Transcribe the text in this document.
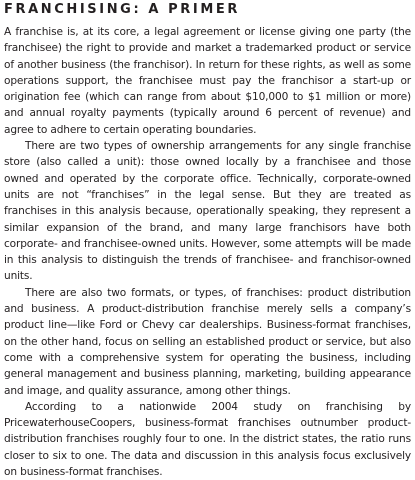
FRANCHISING: A PRIMER

A franchise is, at its core, a legal agreement or license giving one party (the franchisee) the right to provide and market a trademarked product or service of another business (the franchisor). In return for these rights, as well as some operations support, the franchisee must pay the franchisor a start-up or origination fee (which can range from about $10,000 to $1 million or more) and annual royalty payments (typically around 6 percent of revenue) and agree to adhere to certain operating boundaries.

There are two types of ownership arrangements for any single franchise store (also called a unit): those owned locally by a franchisee and those owned and operated by the corporate office. Technically, corporate-owned units are not “franchises” in the legal sense. But they are treated as franchises in this analysis because, operationally speaking, they represent a similar expansion of the brand, and many large franchisors have both corporate- and franchisee-owned units. However, some attempts will be made in this analysis to distinguish the trends of franchisee- and franchisor-owned units.

There are also two formats, or types, of franchises: product distribution and business. A product-distribution franchise merely sells a company’s product line—like Ford or Chevy car dealerships. Business-format franchises, on the other hand, focus on selling an established product or service, but also come with a comprehensive system for operating the business, including general management and business planning, marketing, building appearance and image, and quality assurance, among other things.

According to a nationwide 2004 study on franchising by PricewaterhouseCoopers, business-format franchises outnumber product-distribution franchises roughly four to one. In the district states, the ratio runs closer to six to one. The data and discussion in this analysis focus exclusively on business-format franchises.
